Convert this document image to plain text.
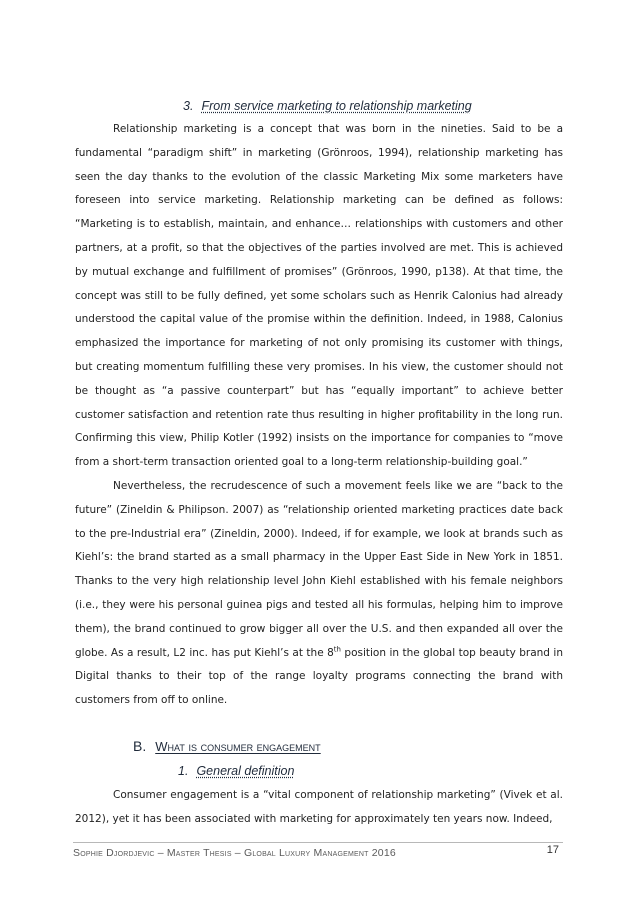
3. From service marketing to relationship marketing

Relationship marketing is a concept that was born in the nineties. Said to be a fundamental “paradigm shift” in marketing (Grönroos, 1994), relationship marketing has seen the day thanks to the evolution of the classic Marketing Mix some marketers have foreseen into service marketing. Relationship marketing can be defined as follows: “Marketing is to establish, maintain, and enhance… relationships with customers and other partners, at a profit, so that the objectives of the parties involved are met. This is achieved by mutual exchange and fulfillment of promises” (Grönroos, 1990, p138). At that time, the concept was still to be fully defined, yet some scholars such as Henrik Calonius had already understood the capital value of the promise within the definition. Indeed, in 1988, Calonius emphasized the importance for marketing of not only promising its customer with things, but creating momentum fulfilling these very promises. In his view, the customer should not be thought as “a passive counterpart” but has “equally important” to achieve better customer satisfaction and retention rate thus resulting in higher profitability in the long run. Confirming this view, Philip Kotler (1992) insists on the importance for companies to “move from a short-term transaction oriented goal to a long-term relationship-building goal.”

Nevertheless, the recrudescence of such a movement feels like we are “back to the future” (Zineldin & Philipson. 2007) as “relationship oriented marketing practices date back to the pre-Industrial era” (Zineldin, 2000). Indeed, if for example, we look at brands such as Kiehl’s: the brand started as a small pharmacy in the Upper East Side in New York in 1851. Thanks to the very high relationship level John Kiehl established with his female neighbors (i.e., they were his personal guinea pigs and tested all his formulas, helping him to improve them), the brand continued to grow bigger all over the U.S. and then expanded all over the globe. As a result, L2 inc. has put Kiehl’s at the 8th position in the global top beauty brand in Digital thanks to their top of the range loyalty programs connecting the brand with customers from off to online.

B. What is consumer engagement
1. General definition

Consumer engagement is a “vital component of relationship marketing” (Vivek et al. 2012), yet it has been associated with marketing for approximately ten years now. Indeed,

Sophie Djordjevic – Master Thesis – Global Luxury Management 2016	17
